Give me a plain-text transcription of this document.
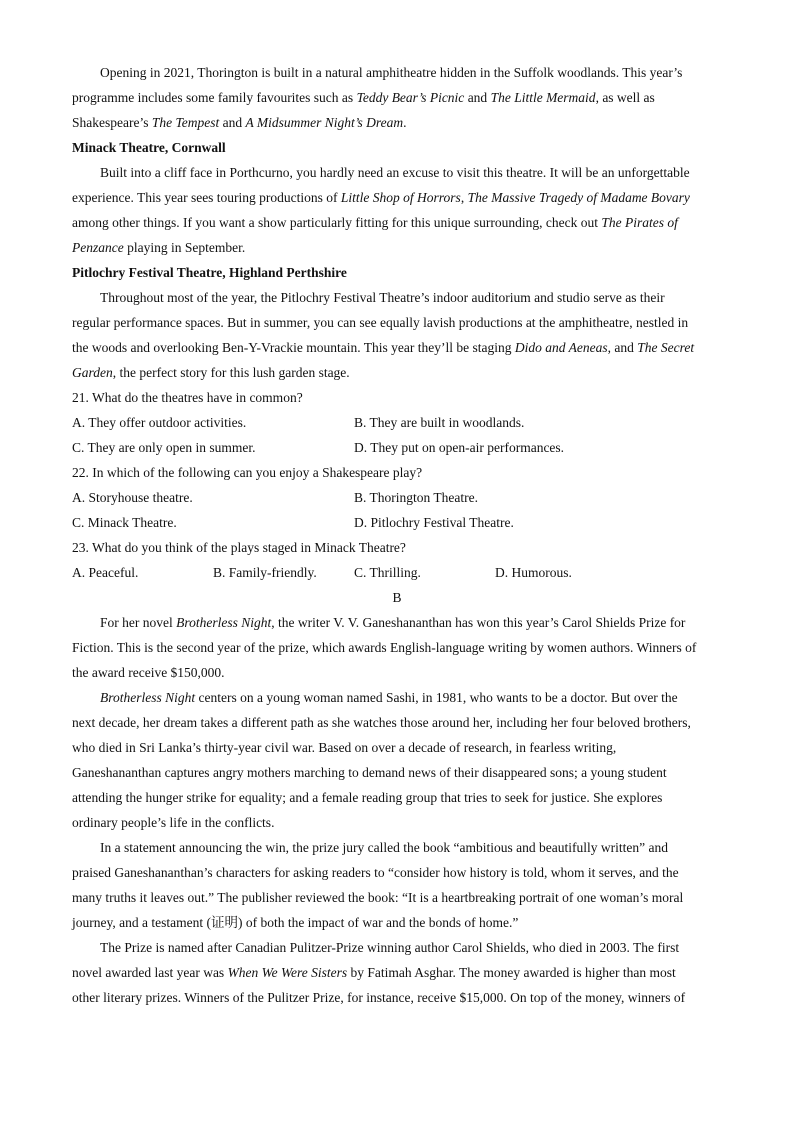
Opening in 2021, Thorington is built in a natural amphitheatre hidden in the Suffolk woodlands. This year’s
programme includes some family favourites such as Teddy Bear’s Picnic and The Little Mermaid, as well as
Shakespeare’s The Tempest and A Midsummer Night’s Dream.
Minack Theatre, Cornwall
Built into a cliff face in Porthcurno, you hardly need an excuse to visit this theatre. It will be an unforgettable
experience. This year sees touring productions of Little Shop of Horrors, The Massive Tragedy of Madame Bovary
among other things. If you want a show particularly fitting for this unique surrounding, check out The Pirates of
Penzance playing in September.
Pitlochry Festival Theatre, Highland Perthshire
Throughout most of the year, the Pitlochry Festival Theatre’s indoor auditorium and studio serve as their
regular performance spaces. But in summer, you can see equally lavish productions at the amphitheatre, nestled in
the woods and overlooking Ben-Y-Vrackie mountain. This year they’ll be staging Dido and Aeneas, and The Secret
Garden, the perfect story for this lush garden stage.
21. What do the theatres have in common?
A. They offer outdoor activities.	B. They are built in woodlands.
C. They are only open in summer.	D. They put on open-air performances.
22. In which of the following can you enjoy a Shakespeare play?
A. Storyhouse theatre.	B. Thorington Theatre.
C. Minack Theatre.	D. Pitlochry Festival Theatre.
23. What do you think of the plays staged in Minack Theatre?
A. Peaceful.	B. Family-friendly.	C. Thrilling.	D. Humorous.
B
For her novel Brotherless Night, the writer V. V. Ganeshananthan has won this year’s Carol Shields Prize for
Fiction. This is the second year of the prize, which awards English-language writing by women authors. Winners of
the award receive $150,000.
Brotherless Night centers on a young woman named Sashi, in 1981, who wants to be a doctor. But over the
next decade, her dream takes a different path as she watches those around her, including her four beloved brothers,
who died in Sri Lanka’s thirty-year civil war. Based on over a decade of research, in fearless writing,
Ganeshananthan captures angry mothers marching to demand news of their disappeared sons; a young student
attending the hunger strike for equality; and a female reading group that tries to seek for justice. She explores
ordinary people’s life in the conflicts.
In a statement announcing the win, the prize jury called the book “ambitious and beautifully written” and
praised Ganeshananthan’s characters for asking readers to “consider how history is told, whom it serves, and the
many truths it leaves out.” The publisher reviewed the book: “It is a heartbreaking portrait of one woman’s moral
journey, and a testament (证明) of both the impact of war and the bonds of home.”
The Prize is named after Canadian Pulitzer-Prize winning author Carol Shields, who died in 2003. The first
novel awarded last year was When We Were Sisters by Fatimah Asghar. The money awarded is higher than most
other literary prizes. Winners of the Pulitzer Prize, for instance, receive $15,000. On top of the money, winners of
